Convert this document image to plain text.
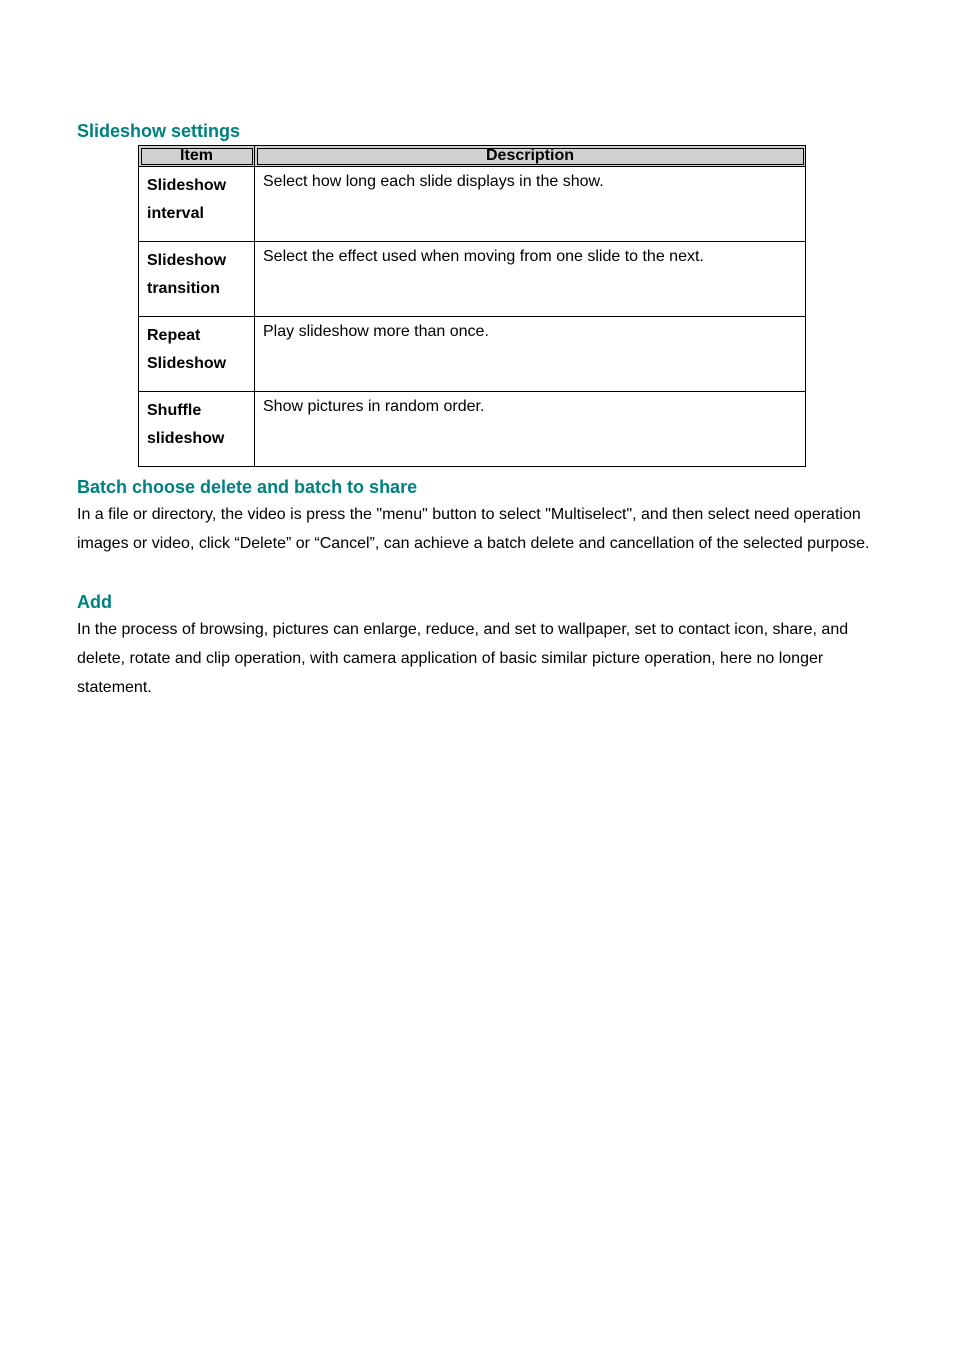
Slideshow settings
Item	Description
Slideshow interval	Select how long each slide displays in the show.
Slideshow transition	Select the effect used when moving from one slide to the next.
Repeat Slideshow	Play slideshow more than once.
Shuffle slideshow	Show pictures in random order.
Batch choose delete and batch to share

In a file or directory, the video is press the "menu" button to select "Multiselect", and then select need operation images or video, click “Delete” or “Cancel”, can achieve a batch delete and cancellation of the selected purpose.

Add

In the process of browsing, pictures can enlarge, reduce, and set to wallpaper, set to contact icon, share, and delete, rotate and clip operation, with camera application of basic similar picture operation, here no longer statement.
